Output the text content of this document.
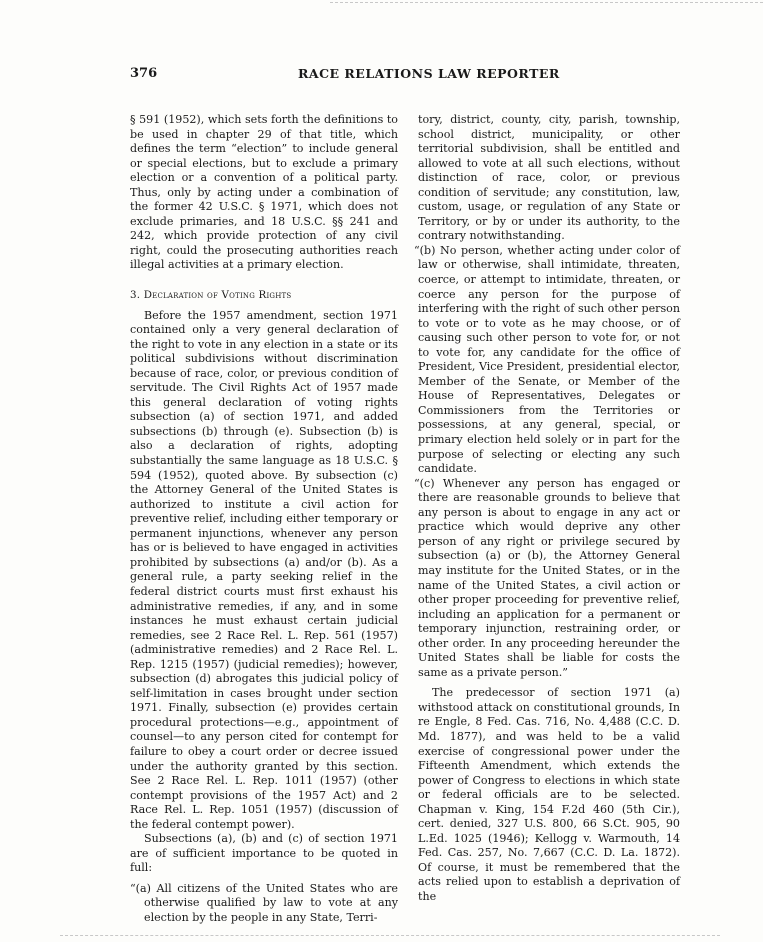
376	RACE RELATIONS LAW REPORTER

§ 591 (1952), which sets forth the definitions to be used in chapter 29 of that title, which defines the term “election” to include general or special elections, but to exclude a primary election or a convention of a political party. Thus, only by acting under a combination of the former 42 U.S.C. § 1971, which does not exclude primaries, and 18 U.S.C. §§ 241 and 242, which provide protection of any civil right, could the prosecuting authorities reach illegal activities at a primary election.

3. Declaration of Voting Rights

Before the 1957 amendment, section 1971 contained only a very general declaration of the right to vote in any election in a state or its political subdivisions without discrimination because of race, color, or previous condition of servitude. The Civil Rights Act of 1957 made this general declaration of voting rights subsection (a) of section 1971, and added subsections (b) through (e). Subsection (b) is also a declaration of rights, adopting substantially the same language as 18 U.S.C. § 594 (1952), quoted above. By subsection (c) the Attorney General of the United States is authorized to institute a civil action for preventive relief, including either temporary or permanent injunctions, whenever any person has or is believed to have engaged in activities prohibited by subsections (a) and/or (b). As a general rule, a party seeking relief in the federal district courts must first exhaust his administrative remedies, if any, and in some instances he must exhaust certain judicial remedies, see 2 Race Rel. L. Rep. 561 (1957) (administrative remedies) and 2 Race Rel. L. Rep. 1215 (1957) (judicial remedies); however, subsection (d) abrogates this judicial policy of self-limitation in cases brought under section 1971. Finally, subsection (e) provides certain procedural protections—e.g., appointment of counsel—to any person cited for contempt for failure to obey a court order or decree issued under the authority granted by this section. See 2 Race Rel. L. Rep. 1011 (1957) (other contempt provisions of the 1957 Act) and 2 Race Rel. L. Rep. 1051 (1957) (discussion of the federal contempt power).

Subsections (a), (b) and (c) of section 1971 are of sufficient importance to be quoted in full:

“(a) All citizens of the United States who are otherwise qualified by law to vote at any election by the people in any State, Terri-

tory, district, county, city, parish, township, school district, municipality, or other territorial subdivision, shall be entitled and allowed to vote at all such elections, without distinction of race, color, or previous condition of servitude; any constitution, law, custom, usage, or regulation of any State or Territory, or by or under its authority, to the contrary notwithstanding.

“(b) No person, whether acting under color of law or otherwise, shall intimidate, threaten, coerce, or attempt to intimidate, threaten, or coerce any person for the purpose of interfering with the right of such other person to vote or to vote as he may choose, or of causing such other person to vote for, or not to vote for, any candidate for the office of President, Vice President, presidential elector, Member of the Senate, or Member of the House of Representatives, Delegates or Commissioners from the Territories or possessions, at any general, special, or primary election held solely or in part for the purpose of selecting or electing any such candidate.

“(c) Whenever any person has engaged or there are reasonable grounds to believe that any person is about to engage in any act or practice which would deprive any other person of any right or privilege secured by subsection (a) or (b), the Attorney General may institute for the United States, or in the name of the United States, a civil action or other proper proceeding for preventive relief, including an application for a permanent or temporary injunction, restraining order, or other order. In any proceeding hereunder the United States shall be liable for costs the same as a private person.”

The predecessor of section 1971 (a) withstood attack on constitutional grounds, In re Engle, 8 Fed. Cas. 716, No. 4,488 (C.C. D. Md. 1877), and was held to be a valid exercise of congressional power under the Fifteenth Amendment, which extends the power of Congress to elections in which state or federal officials are to be selected. Chapman v. King, 154 F.2d 460 (5th Cir.), cert. denied, 327 U.S. 800, 66 S.Ct. 905, 90 L.Ed. 1025 (1946); Kellogg v. Warmouth, 14 Fed. Cas. 257, No. 7,667 (C.C. D. La. 1872). Of course, it must be remembered that the acts relied upon to establish a deprivation of the
